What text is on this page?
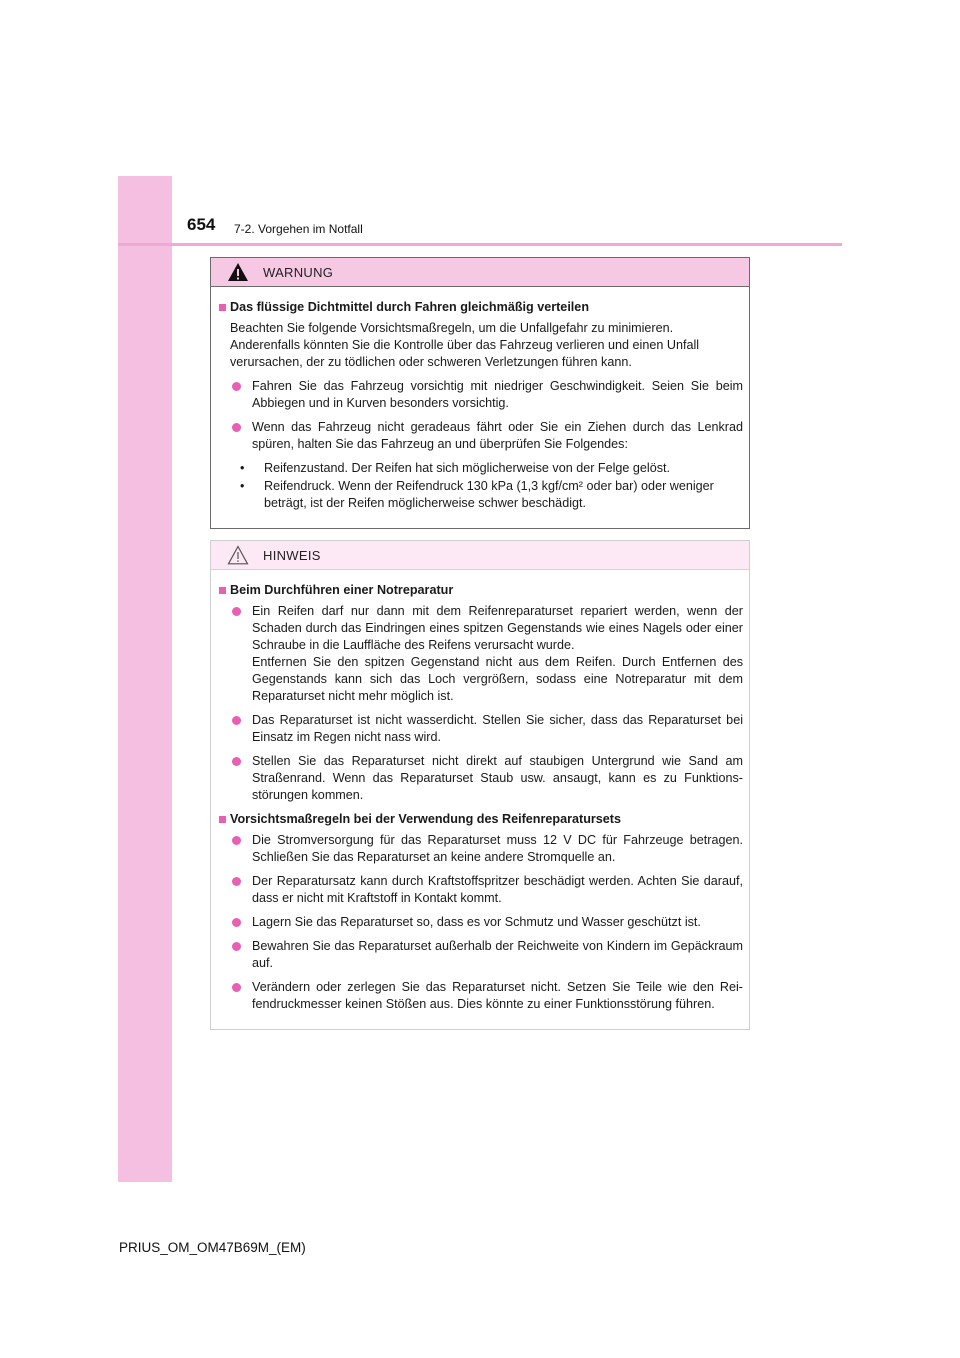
654 7-2. Vorgehen im Notfall
WARNUNG
Das flüssige Dichtmittel durch Fahren gleichmäßig verteilen
Beachten Sie folgende Vorsichtsmaßregeln, um die Unfallgefahr zu minimieren. Anderenfalls könnten Sie die Kontrolle über das Fahrzeug verlieren und einen Unfall verursachen, der zu tödlichen oder schweren Verletzungen führen kann.
Fahren Sie das Fahrzeug vorsichtig mit niedriger Geschwindigkeit. Seien Sie beim Abbiegen und in Kurven besonders vorsichtig.
Wenn das Fahrzeug nicht geradeaus fährt oder Sie ein Ziehen durch das Lenkrad spüren, halten Sie das Fahrzeug an und überprüfen Sie Folgendes:
• Reifenzustand. Der Reifen hat sich möglicherweise von der Felge gelöst.
• Reifendruck. Wenn der Reifendruck 130 kPa (1,3 kgf/cm² oder bar) oder weniger beträgt, ist der Reifen möglicherweise schwer beschädigt.
HINWEIS
Beim Durchführen einer Notreparatur
Ein Reifen darf nur dann mit dem Reifenreparaturset repariert werden, wenn der Schaden durch das Eindringen eines spitzen Gegenstands wie eines Nagels oder einer Schraube in die Lauffläche des Reifens verursacht wurde.
Entfernen Sie den spitzen Gegenstand nicht aus dem Reifen. Durch Entfernen des Gegenstands kann sich das Loch vergrößern, sodass eine Notreparatur mit dem Reparaturset nicht mehr möglich ist.
Das Reparaturset ist nicht wasserdicht. Stellen Sie sicher, dass das Reparaturset bei Einsatz im Regen nicht nass wird.
Stellen Sie das Reparaturset nicht direkt auf staubigen Untergrund wie Sand am Straßenrand. Wenn das Reparaturset Staub usw. ansaugt, kann es zu Funktionsstörungen kommen.
Vorsichtsmaßregeln bei der Verwendung des Reifenreparatursets
Die Stromversorgung für das Reparaturset muss 12 V DC für Fahrzeuge betragen. Schließen Sie das Reparaturset an keine andere Stromquelle an.
Der Reparatursatz kann durch Kraftstoffspritzer beschädigt werden. Achten Sie darauf, dass er nicht mit Kraftstoff in Kontakt kommt.
Lagern Sie das Reparaturset so, dass es vor Schmutz und Wasser geschützt ist.
Bewahren Sie das Reparaturset außerhalb der Reichweite von Kindern im Gepäckraum auf.
Verändern oder zerlegen Sie das Reparaturset nicht. Setzen Sie Teile wie den Reifendruckmesser keinen Stößen aus. Dies könnte zu einer Funktionsstörung führen.
PRIUS_OM_OM47B69M_(EM)
